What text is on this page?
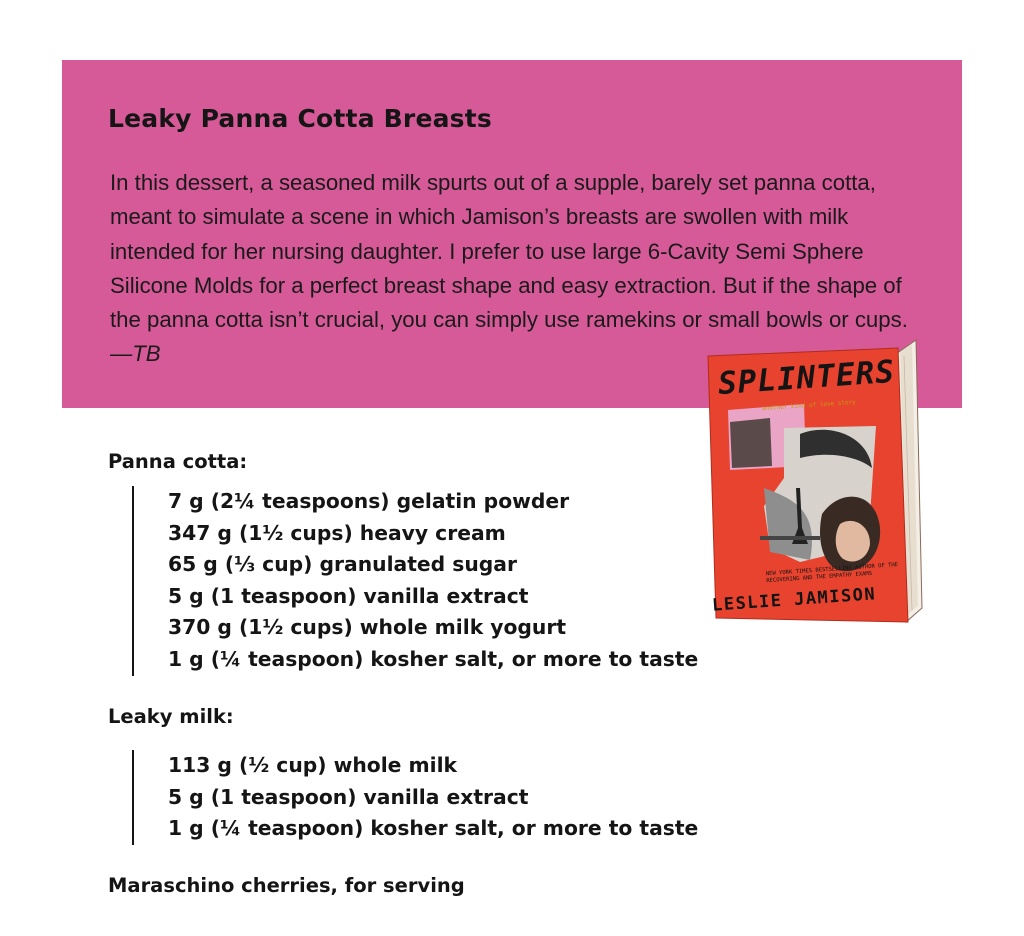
Leaky Panna Cotta Breasts

In this dessert, a seasoned milk spurts out of a supple, barely set panna cotta, meant to simulate a scene in which Jamison’s breasts are swollen with milk intended for her nursing daughter. I prefer to use large 6-Cavity Semi Sphere Silicone Molds for a perfect breast shape and easy extraction. But if the shape of the panna cotta isn’t crucial, you can simply use ramekins or small bowls or cups. —TB

Panna cotta:
7 g (2¼ teaspoons) gelatin powder
347 g (1½ cups) heavy cream
65 g (⅓ cup) granulated sugar
5 g (1 teaspoon) vanilla extract
370 g (1½ cups) whole milk yogurt
1 g (¼ teaspoon) kosher salt, or more to taste
Leaky milk:
113 g (½ cup) whole milk
5 g (1 teaspoon) vanilla extract
1 g (¼ teaspoon) kosher salt, or more to taste

Maraschino cherries, for serving

SPLINTERS
another kind of love story
NEW YORK TIMES BESTSELLING AUTHOR OF THE RECOVERING AND THE EMPATHY EXAMS
LESLIE JAMISON
